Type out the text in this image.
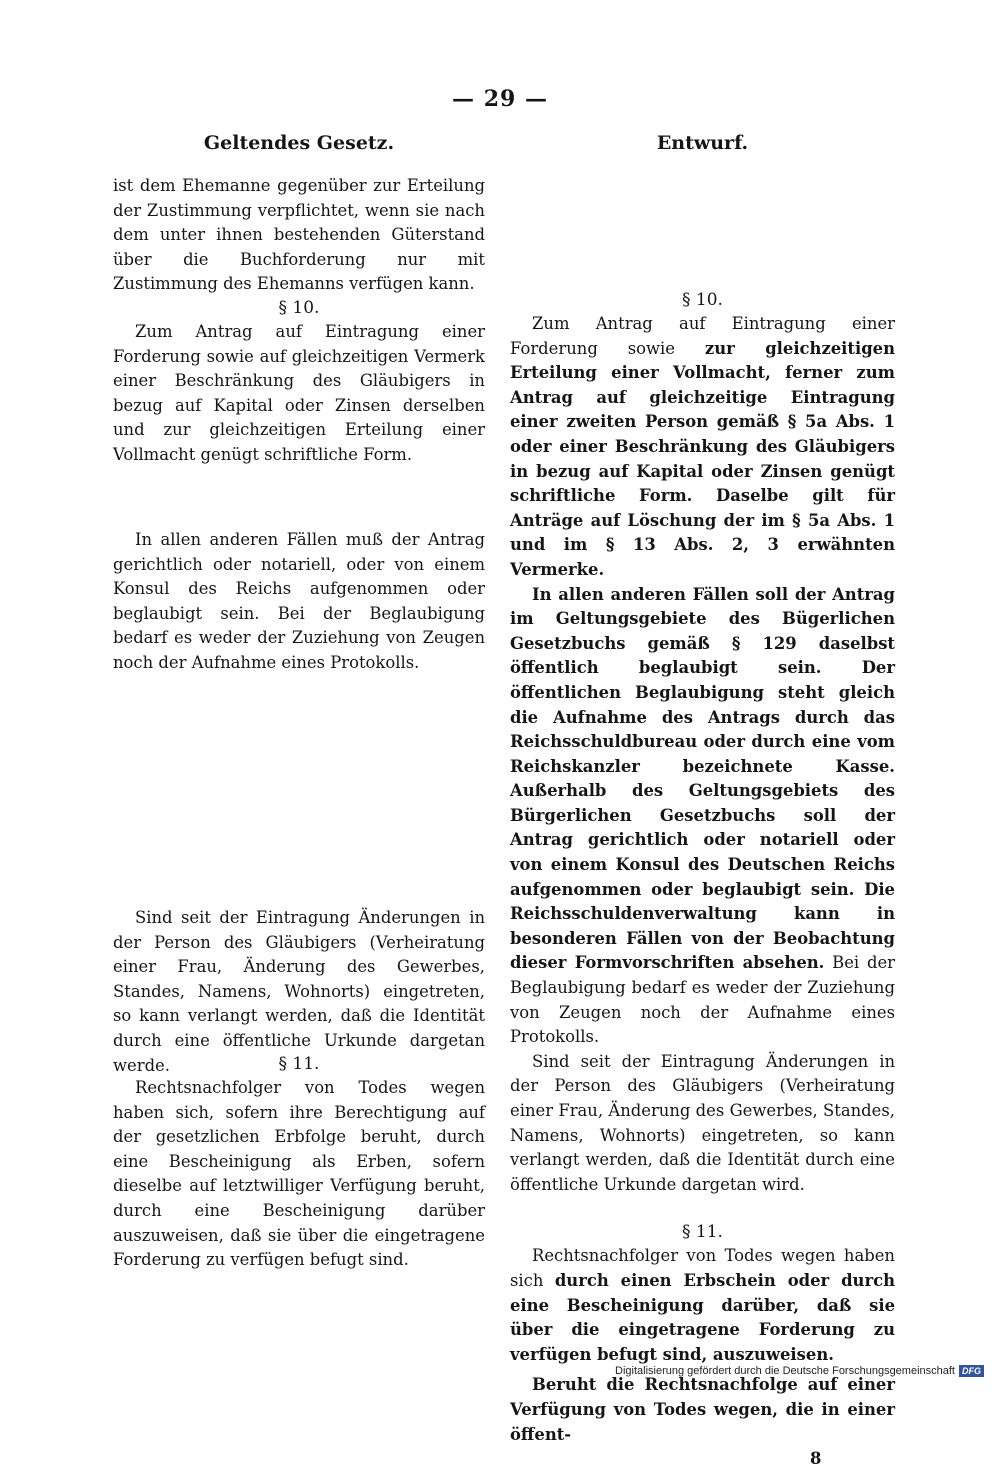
— 29 —
Geltendes Gesetz.

ist dem Ehemanne gegenüber zur Erteilung der Zustimmung verpflichtet, wenn sie nach dem unter ihnen bestehenden Güterstand über die Buchforderung nur mit Zustimmung des Ehemanns verfügen kann.

§ 10.

Zum Antrag auf Eintragung einer Forderung sowie auf gleichzeitigen Vermerk einer Beschränkung des Gläubigers in bezug auf Kapital oder Zinsen derselben und zur gleichzeitigen Erteilung einer Vollmacht genügt schriftliche Form.

In allen anderen Fällen muß der Antrag gerichtlich oder notariell, oder von einem Konsul des Reichs aufgenommen oder beglaubigt sein. Bei der Beglaubigung bedarf es weder der Zuziehung von Zeugen noch der Aufnahme eines Protokolls.

Sind seit der Eintragung Änderungen in der Person des Gläubigers (Verheiratung einer Frau, Änderung des Gewerbes, Standes, Namens, Wohnorts) eingetreten, so kann verlangt werden, daß die Identität durch eine öffentliche Urkunde dargetan werde.	§ 11.

Rechtsnachfolger von Todes wegen haben sich, sofern ihre Berechtigung auf der gesetzlichen Erbfolge beruht, durch eine Bescheinigung als Erben, sofern dieselbe auf letztwilliger Verfügung beruht, durch eine Bescheinigung darüber auszuweisen, daß sie über die eingetragene Forderung zu verfügen befugt sind.

Entwurf.

§ 10.

Zum Antrag auf Eintragung einer Forderung sowie zur gleichzeitigen Erteilung einer Vollmacht, ferner zum Antrag auf gleichzeitige Eintragung einer zweiten Person gemäß § 5a Abs. 1 oder einer Beschränkung des Gläubigers in bezug auf Kapital oder Zinsen genügt schriftliche Form. Daselbe gilt für Anträge auf Löschung der im § 5a Abs. 1 und im § 13 Abs. 2, 3 erwähnten Vermerke.

In allen anderen Fällen soll der Antrag im Geltungsgebiete des Bügerlichen Gesetzbuchs gemäß § 129 daselbst öffentlich beglaubigt sein. Der öffentlichen Beglaubigung steht gleich die Aufnahme des Antrags durch das Reichsschuldbureau oder durch eine vom Reichskanzler bezeichnete Kasse. Außerhalb des Geltungsgebiets des Bürgerlichen Gesetzbuchs soll der Antrag gerichtlich oder notariell oder von einem Konsul des Deutschen Reichs aufgenommen oder beglaubigt sein. Die Reichsschuldenverwaltung kann in besonderen Fällen von der Beobachtung dieser Formvorschriften absehen. Bei der Beglaubigung bedarf es weder der Zuziehung von Zeugen noch der Aufnahme eines Protokolls.

Sind seit der Eintragung Änderungen in der Person des Gläubigers (Verheiratung einer Frau, Änderung des Gewerbes, Standes, Namens, Wohnorts) eingetreten, so kann verlangt werden, daß die Identität durch eine öffentliche Urkunde dargetan wird.

§ 11.

Rechtsnachfolger von Todes wegen haben sich durch einen Erbschein oder durch eine Bescheinigung darüber, daß sie über die eingetragene Forderung zu verfügen befugt sind, auszuweisen.

Beruht die Rechtsnachfolge auf einer Verfügung von Todes wegen, die in einer öffent-

8

Digitalisierung gefördert durch die Deutsche Forschungsgemeinschaft DFG
